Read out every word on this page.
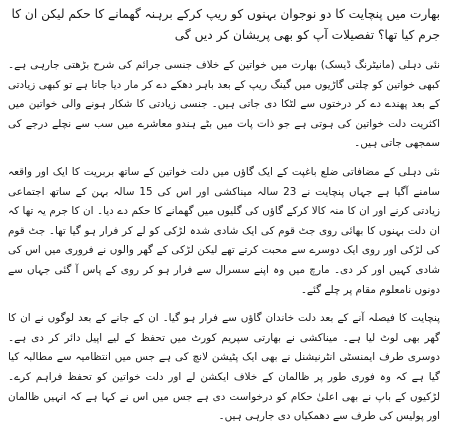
بھارت میں پنچایت کا دو نوجوان بہنوں کو ریپ کرکے برہنہ گھمانے کا حکم لیکن ان کا جرم کیا تھا؟ تفصیلات آپ کو بھی پریشان کر دیں گی

نئی دہلی (مانیٹرنگ ڈیسک) بھارت میں خواتین کے خلاف جنسی جرائم کی شرح بڑھتی جارہی ہے۔ کبھی خواتین کو چلتی گاڑیوں میں گینگ ریپ کے بعد باہر دھکے دے کر مار دیا جاتا ہے تو کبھی زیادتی کے بعد پھندے دے کر درختوں سے لٹکا دی جاتی ہیں۔ جنسی زیادتی کا شکار ہونے والی خواتین میں اکثریت دلت خواتین کی ہوتی ہے جو ذات پات میں بٹے ہندو معاشرے میں سب سے نچلے درجے کی سمجھی جاتی ہیں۔

نئی دہلی کے مضافاتی ضلع باغپت کے ایک گاؤں میں دلت خواتین کے ساتھ بربریت کا ایک اور واقعہ سامنے آگیا ہے جہاں پنچایت نے 23 سالہ میناکشی اور اس کی 15 سالہ بہن کے ساتھ اجتماعی زیادتی کرنے اور ان کا منہ کالا کرکے گاؤں کی گلیوں میں گھمانے کا حکم دے دیا۔ ان کا جرم یہ تھا کہ ان دلت بہنوں کا بھائی روی جٹ قوم کی ایک شادی شدہ لڑکی کو لے کر فرار ہو گیا تھا۔ جٹ قوم کی لڑکی اور روی ایک دوسرے سے محبت کرتے تھے لیکن لڑکی کے گھر والوں نے فروری میں اس کی شادی کہیں اور کر دی۔ مارچ میں وہ اپنے سسرال سے فرار ہو کر روی کے پاس آ گئی جہاں سے دونوں نامعلوم مقام پر چلے گئے۔

پنچایت کا فیصلہ آنے کے بعد دلت خاندان گاؤں سے فرار ہو گیا۔ ان کے جانے کے بعد لوگوں نے ان کا گھر بھی لوٹ لیا ہے۔ میناکشی نے بھارتی سپریم کورٹ میں تحفظ کے لیے اپیل دائر کر دی ہے۔ دوسری طرف ایمنسٹی انٹرنیشنل نے بھی ایک پٹیشن لانچ کی ہے جس میں انتظامیہ سے مطالبہ کیا گیا ہے کہ وہ فوری طور پر ظالمان کے خلاف ایکشن لے اور دلت خواتین کو تحفظ فراہم کرے۔ لڑکیوں کے باپ نے بھی اعلیٰ حکام کو درخواست دی ہے جس میں اس نے کہا ہے کہ انہیں ظالمان اور پولیس کی طرف سے دھمکیاں دی جارہی ہیں۔
